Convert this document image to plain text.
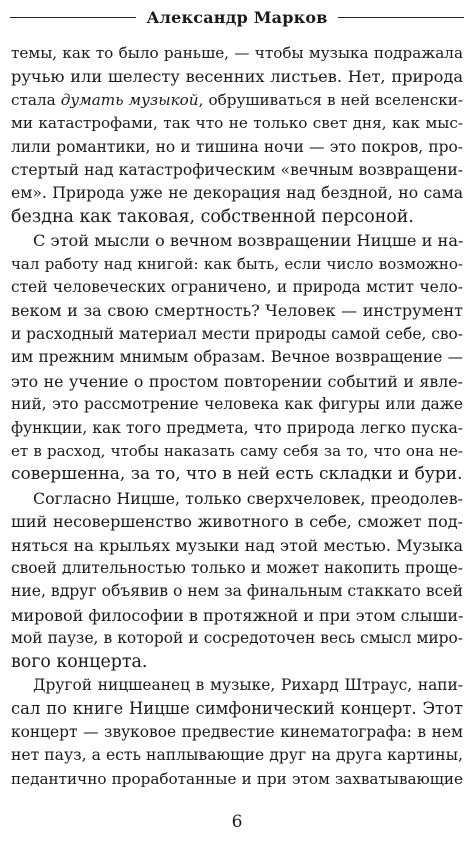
Александр Марков
темы, как то было раньше, — чтобы музыка подражала
ручью или шелесту весенних листьев. Нет, природа
стала думать музыкой, обрушиваться в ней вселенски-
ми катастрофами, так что не только свет дня, как мыс-
лили романтики, но и тишина ночи — это покров, про-
стертый над катастрофическим «вечным возвращени-
ем». Природа уже не декорация над бездной, но сама
бездна как таковая, собственной персоной.
С этой мысли о вечном возвращении Ницше и на-
чал работу над книгой: как быть, если число возможно-
стей человеческих ограничено, и природа мстит чело-
веком и за свою смертность? Человек — инструмент
и расходный материал мести природы самой себе, сво-
им прежним мнимым образам. Вечное возвращение —
это не учение о простом повторении событий и явле-
ний, это рассмотрение человека как фигуры или даже
функции, как того предмета, что природа легко пуска-
ет в расход, чтобы наказать саму себя за то, что она не-
совершенна, за то, что в ней есть складки и бури.
Согласно Ницше, только сверхчеловек, преодолев-
ший несовершенство животного в себе, сможет под-
няться на крыльях музыки над этой местью. Музыка
своей длительностью только и может накопить проще-
ние, вдруг объявив о нем за финальным стаккато всей
мировой философии в протяжной и при этом слыши-
мой паузе, в которой и сосредоточен весь смысл миро-
вого концерта.
Другой ницшеанец в музыке, Рихард Штраус, напи-
сал по книге Ницше симфонический концерт. Этот
концерт — звуковое предвестие кинематографа: в нем
нет пауз, а есть наплывающие друг на друга картины,
педантично проработанные и при этом захватывающие
6
